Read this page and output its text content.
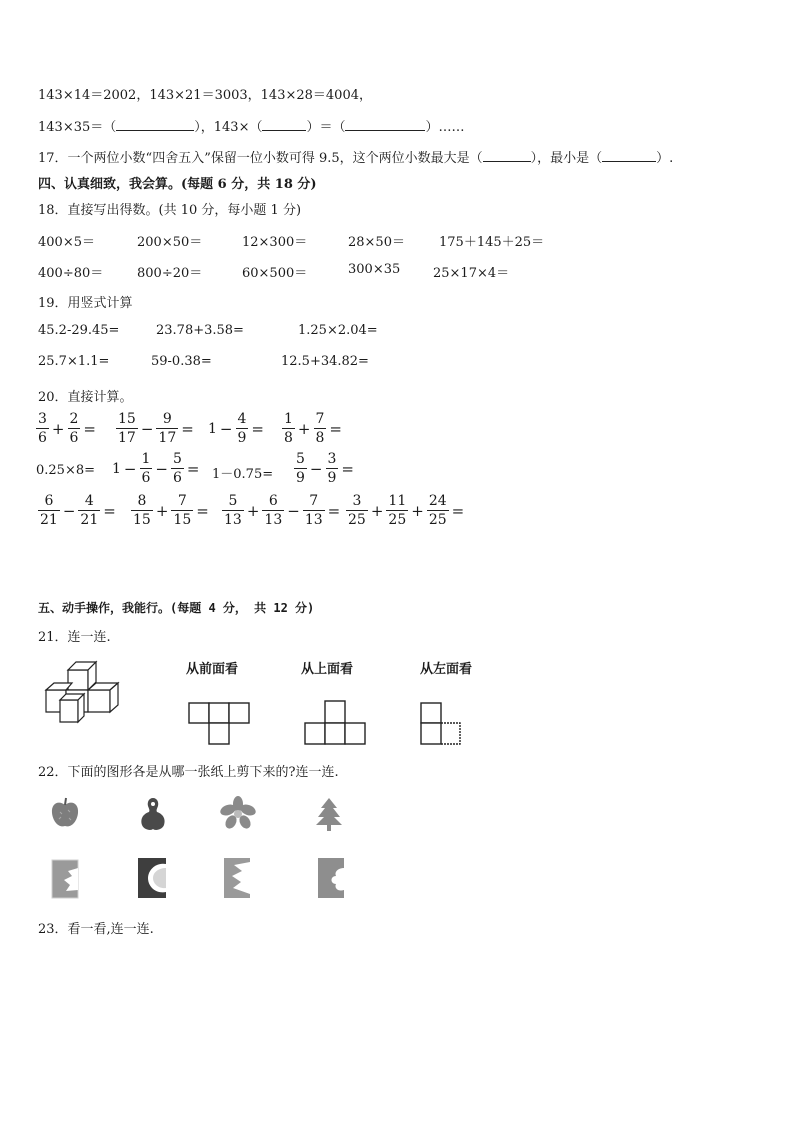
143×14＝2002，143×21＝3003，143×28＝4004，
143×35＝（	），143×（	）＝（	）……
17．一个两位小数“四舍五入”保留一位小数可得 9.5，这个两位小数最大是（	），最小是（	）.
四、认真细致，我会算。(每题 6 分，共 18 分)
18．直接写出得数。(共 10 分，每小题 1 分)
400×5＝	200×50＝	12×300＝	28×50＝	175＋145＋25＝
400÷80＝	800÷20＝	60×500＝	300×35	25×17×4＝
19．用竖式计算
45.2-29.45=	23.78+3.58=	1.25×2.04=
25.7×1.1=	59-0.38=	12.5+34.82=
20．直接计算。
$\frac{3}{6} + \frac{2}{6} = \frac{15}{17} - \frac{9}{17} = 1 - \frac{4}{9} = \frac{1}{8} + \frac{7}{8}$ =
$0.25\times 8= 1 - \frac{1}{6} - \frac{5}{6} = 1-0.75= \frac{5}{9} - \frac{3}{9}$ =
$\frac{6}{21} - \frac{4}{21} = \frac{8}{15} + \frac{7}{15} = \frac{5}{13} + \frac{6}{13} - \frac{7}{13} = \frac{3}{25} + \frac{11}{25} + \frac{24}{25}$ =
五、动手操作，我能行。(每题 4 分， 共 12 分)
21．连一连.
从前面看	从上面看	从左面看
22．下面的图形各是从哪一张纸上剪下来的?连一连.
23．看一看,连一连.
